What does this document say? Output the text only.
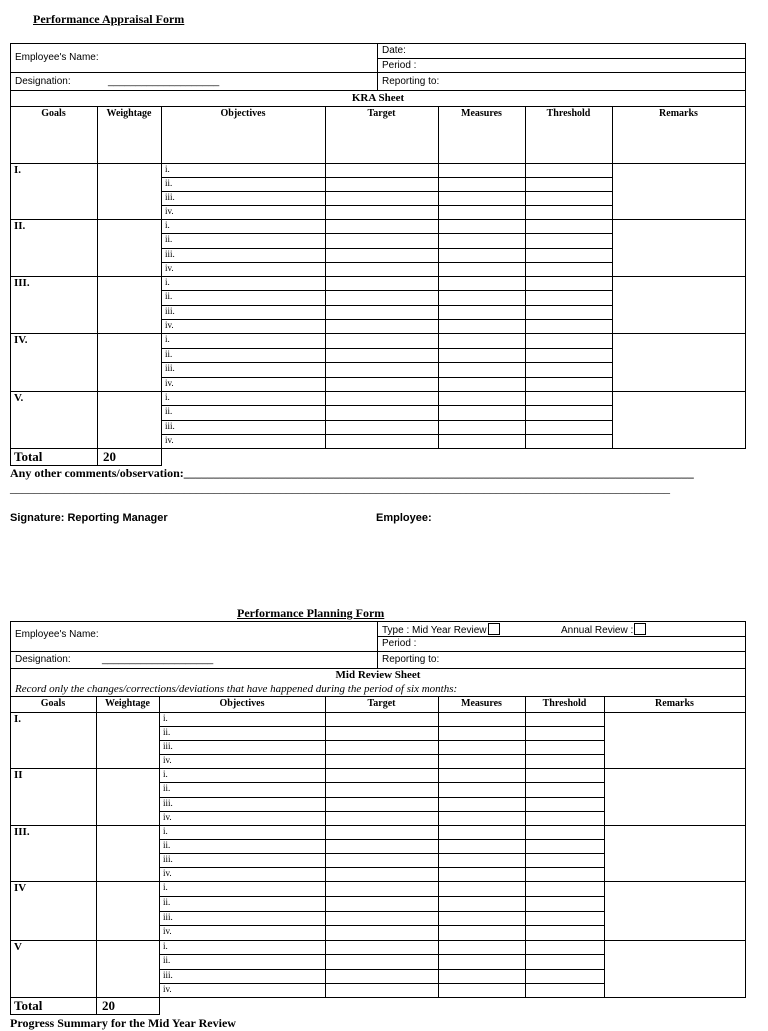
Performance Appraisal Form
Employee's Name:
Date:
Period :
Designation:	____________________	Reporting to:
KRA Sheet
Goals	Weightage	Objectives	Target	Measures	Threshold	Remarks
I.	i.
ii.
iii.
iv.
II.	i.
ii.
iii.
iv.
III.	i.
ii.
iii.
iv.
IV.	i.
ii.
iii.
iv.
V.	i.
ii.
iii.
iv.
Total	20
Any other comments/observation:_____________________________________________________________________________________
______________________________________________________________________________________________________________
Signature: Reporting Manager	Employee:
Performance Planning Form
Employee's Name:	Type : Mid Year Review	Annual Review :
Period :
Designation:	____________________	Reporting to:
Mid Review Sheet
Record only the changes/corrections/deviations that have happened during the period of six months:
Goals	Weightage	Objectives	Target	Measures	Threshold	Remarks
I.	i.
ii.
iii.
iv.
II	i.
ii.
iii.
iv.
III.	i.
ii.
iii.
iv.
IV	i.
ii.
iii.
iv.
V	i.
ii.
iii.
iv.
Total	20
Progress Summary for the Mid Year Review
